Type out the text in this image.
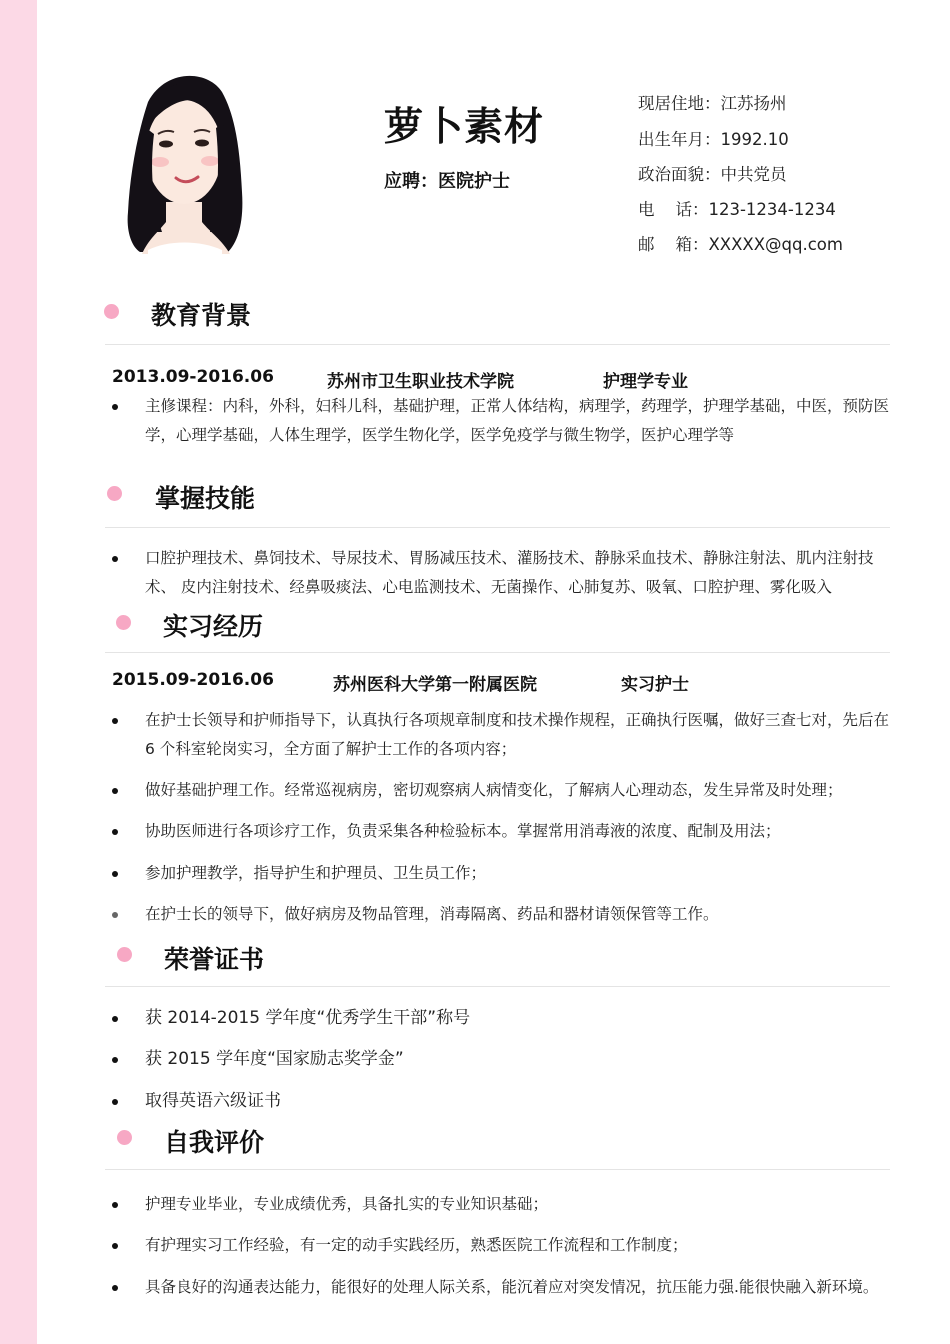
萝卜素材
应聘：医院护士
现居住地：江苏扬州
出生年月：1992.10
政治面貌：中共党员
电    话：123-1234-1234
邮    箱：XXXXX@qq.com
教育背景
2013.09-2016.06	苏州市卫生职业技术学院	护理学专业
主修课程：内科，外科，妇科儿科，基础护理，正常人体结构，病理学，药理学，护理学基础，中医，预防医学，心理学基础，人体生理学，医学生物化学，医学免疫学与微生物学，医护心理学等
掌握技能
口腔护理技术、鼻饲技术、导尿技术、胃肠减压技术、灌肠技术、静脉采血技术、静脉注射法、肌内注射技术、 皮内注射技术、经鼻吸痰法、心电监测技术、无菌操作、心肺复苏、吸氧、口腔护理、雾化吸入
实习经历
2015.09-2016.06	苏州医科大学第一附属医院	实习护士
在护士长领导和护师指导下，认真执行各项规章制度和技术操作规程，正确执行医嘱，做好三查七对，先后在 6 个科室轮岗实习，全方面了解护士工作的各项内容；
做好基础护理工作。经常巡视病房，密切观察病人病情变化，了解病人心理动态，发生异常及时处理；
协助医师进行各项诊疗工作，负责采集各种检验标本。掌握常用消毒液的浓度、配制及用法；
参加护理教学，指导护生和护理员、卫生员工作；
在护士长的领导下，做好病房及物品管理，消毒隔离、药品和器材请领保管等工作。
荣誉证书
获 2014-2015 学年度“优秀学生干部”称号
获 2015 学年度“国家励志奖学金”
取得英语六级证书
自我评价
护理专业毕业，专业成绩优秀，具备扎实的专业知识基础；
有护理实习工作经验，有一定的动手实践经历，熟悉医院工作流程和工作制度；
具备良好的沟通表达能力，能很好的处理人际关系，能沉着应对突发情况，抗压能力强.能很快融入新环境。
